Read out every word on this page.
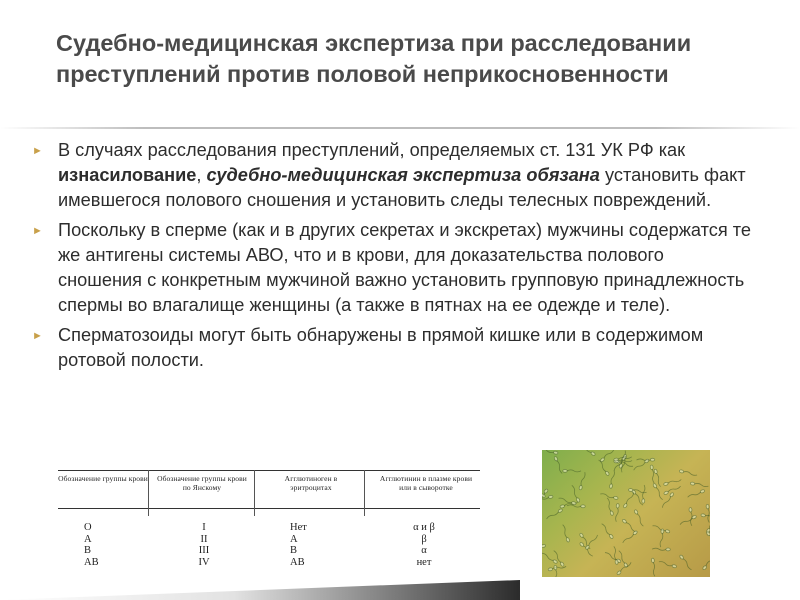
Судебно-медицинская экспертиза при расследовании преступлений против половой неприкосновенности
► В случаях расследования преступлений, определяемых ст. 131 УК РФ как изнасилование, судебно-медицинская экспертиза обязана установить факт имевшегося полового сношения и установить следы телесных повреждений.
► Поскольку в сперме (как и в других секретах и экскретах) мужчины содержатся те же антигены системы АВО, что и в крови, для доказательства полового сношения с конкретным мужчиной важно установить групповую принадлежность спермы во влагалище женщины (а также в пятнах на ее одежде и теле).
► Сперматозоиды могут быть обнаружены в прямой кишке или в содержимом ротовой полости.
Обозначение группы крови Обозначение группы крови по Янскому
Агглютиноген в эритроцитах
Агглютинин в плазме крови или в сыворотке
O
A
B
AB
I
II
III
IV
Нет
A
B
AB
α и β
β
α
нет
